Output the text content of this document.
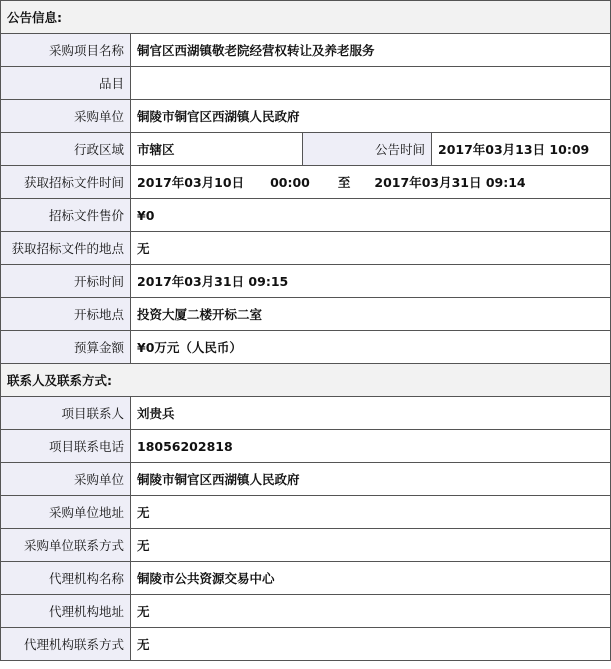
公告信息:			
采购项目名称	铜官区西湖镇敬老院经营权转让及养老服务		
品目			
采购单位	铜陵市铜官区西湖镇人民政府		
行政区域	市辖区	公告时间	2017年03月13日 10:09
获取招标文件时间	2017年03月10日 00:00 至 2017年03月31日 09:14		
招标文件售价	¥0		
获取招标文件的地点	无		
开标时间	2017年03月31日 09:15		
开标地点	投资大厦二楼开标二室		
预算金额	¥0万元（人民币）		
联系人及联系方式:			
项目联系人	刘贵兵		
项目联系电话	18056202818		
采购单位	铜陵市铜官区西湖镇人民政府		
采购单位地址	无		
采购单位联系方式	无		
代理机构名称	铜陵市公共资源交易中心		
代理机构地址	无		
代理机构联系方式	无		
